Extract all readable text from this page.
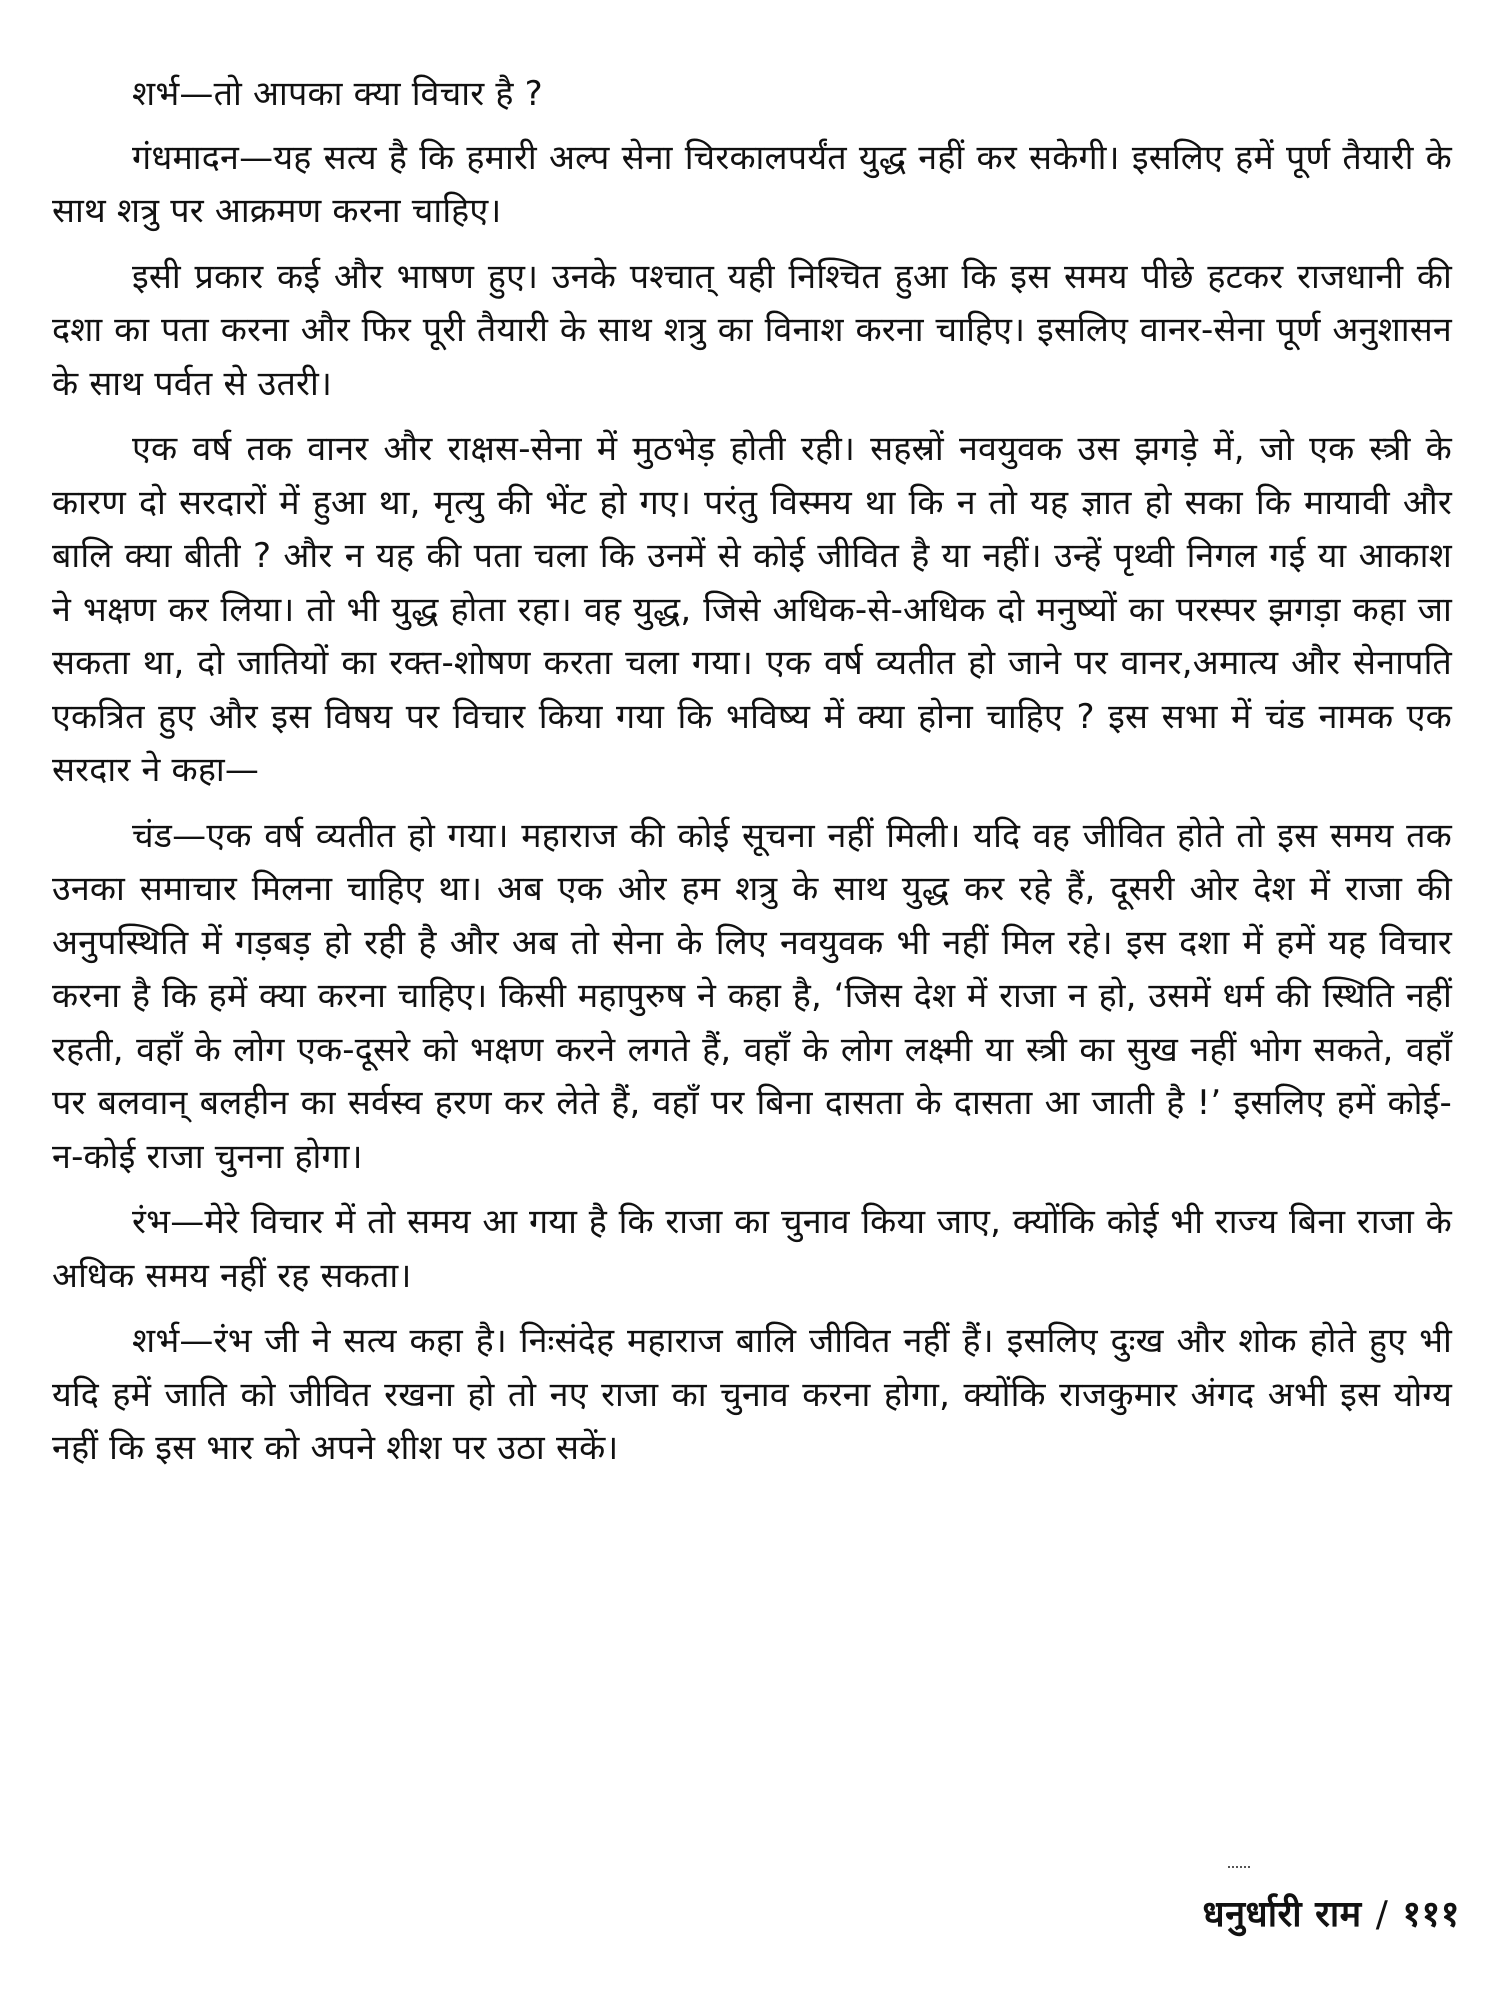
शर्भ—तो आपका क्या विचार है ?

गंधमादन—यह सत्य है कि हमारी अल्प सेना चिरकालपर्यंत युद्ध नहीं कर सकेगी। इसलिए हमें पूर्ण तैयारी के साथ शत्रु पर आक्रमण करना चाहिए।

इसी प्रकार कई और भाषण हुए। उनके पश्चात् यही निश्चित हुआ कि इस समय पीछे हटकर राजधानी की दशा का पता करना और फिर पूरी तैयारी के साथ शत्रु का विनाश करना चाहिए। इसलिए वानर-सेना पूर्ण अनुशासन के साथ पर्वत से उतरी।

एक वर्ष तक वानर और राक्षस-सेना में मुठभेड़ होती रही। सहस्रों नवयुवक उस झगड़े में, जो एक स्त्री के कारण दो सरदारों में हुआ था, मृत्यु की भेंट हो गए। परंतु विस्मय था कि न तो यह ज्ञात हो सका कि मायावी और बालि क्या बीती ? और न यह की पता चला कि उनमें से कोई जीवित है या नहीं। उन्हें पृथ्वी निगल गई या आकाश ने भक्षण कर लिया। तो भी युद्ध होता रहा। वह युद्ध, जिसे अधिक-से-अधिक दो मनुष्यों का परस्पर झगड़ा कहा जा सकता था, दो जातियों का रक्त-शोषण करता चला गया। एक वर्ष व्यतीत हो जाने पर वानर,अमात्य और सेनापति एकत्रित हुए और इस विषय पर विचार किया गया कि भविष्य में क्या होना चाहिए ? इस सभा में चंड नामक एक सरदार ने कहा—

चंड—एक वर्ष व्यतीत हो गया। महाराज की कोई सूचना नहीं मिली। यदि वह जीवित होते तो इस समय तक उनका समाचार मिलना चाहिए था। अब एक ओर हम शत्रु के साथ युद्ध कर रहे हैं, दूसरी ओर देश में राजा की अनुपस्थिति में गड़बड़ हो रही है और अब तो सेना के लिए नवयुवक भी नहीं मिल रहे। इस दशा में हमें यह विचार करना है कि हमें क्या करना चाहिए। किसी महापुरुष ने कहा है, ‘जिस देश में राजा न हो, उसमें धर्म की स्थिति नहीं रहती, वहाँ के लोग एक-दूसरे को भक्षण करने लगते हैं, वहाँ के लोग लक्ष्मी या स्त्री का सुख नहीं भोग सकते, वहाँ पर बलवान् बलहीन का सर्वस्व हरण कर लेते हैं, वहाँ पर बिना दासता के दासता आ जाती है !’ इसलिए हमें कोई-न-कोई राजा चुनना होगा।

रंभ—मेरे विचार में तो समय आ गया है कि राजा का चुनाव किया जाए, क्योंकि कोई भी राज्य बिना राजा के अधिक समय नहीं रह सकता।

शर्भ—रंभ जी ने सत्य कहा है। निःसंदेह महाराज बालि जीवित नहीं हैं। इसलिए दुःख और शोक होते हुए भी यदि हमें जाति को जीवित रखना हो तो नए राजा का चुनाव करना होगा, क्योंकि राजकुमार अंगद अभी इस योग्य नहीं कि इस भार को अपने शीश पर उठा सकें।

धनुर्धारी राम / १११
